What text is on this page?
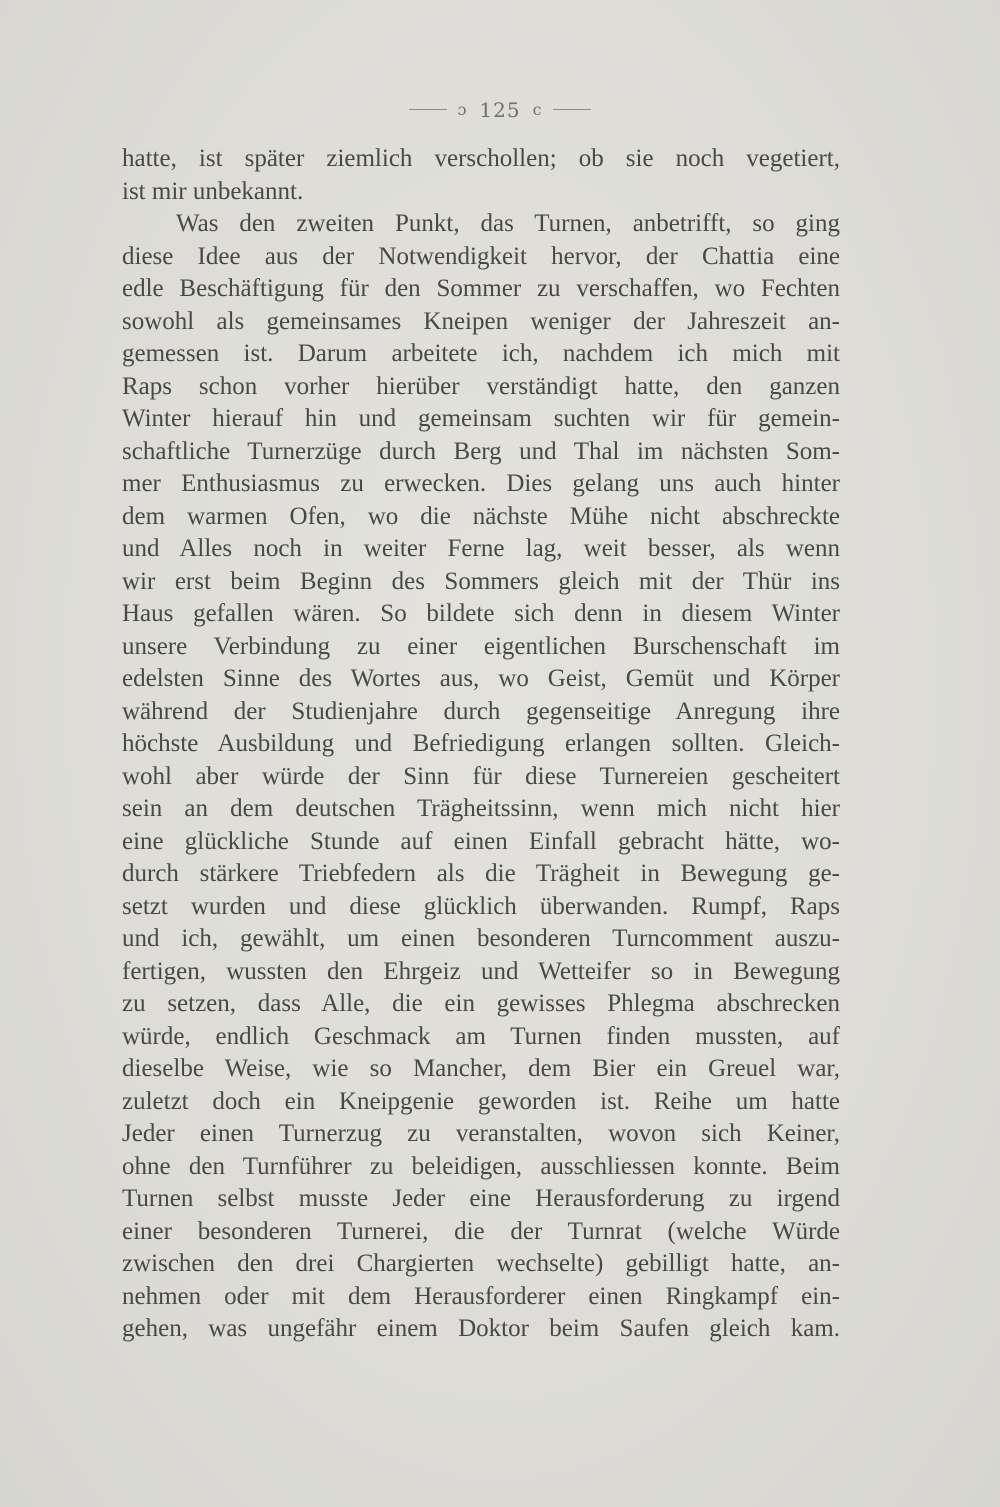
ɔ 125 c
hatte, ist später ziemlich verschollen; ob sie noch vegetiert,
ist mir unbekannt.
Was den zweiten Punkt, das Turnen, anbetrifft, so ging
diese Idee aus der Notwendigkeit hervor, der Chattia eine
edle Beschäftigung für den Sommer zu verschaffen, wo Fechten
sowohl als gemeinsames Kneipen weniger der Jahreszeit an-
gemessen ist. Darum arbeitete ich, nachdem ich mich mit
Raps schon vorher hierüber verständigt hatte, den ganzen
Winter hierauf hin und gemeinsam suchten wir für gemein-
schaftliche Turnerzüge durch Berg und Thal im nächsten Som-
mer Enthusiasmus zu erwecken. Dies gelang uns auch hinter
dem warmen Ofen, wo die nächste Mühe nicht abschreckte
und Alles noch in weiter Ferne lag, weit besser, als wenn
wir erst beim Beginn des Sommers gleich mit der Thür ins
Haus gefallen wären. So bildete sich denn in diesem Winter
unsere Verbindung zu einer eigentlichen Burschenschaft im
edelsten Sinne des Wortes aus, wo Geist, Gemüt und Körper
während der Studienjahre durch gegenseitige Anregung ihre
höchste Ausbildung und Befriedigung erlangen sollten. Gleich-
wohl aber würde der Sinn für diese Turnereien gescheitert
sein an dem deutschen Trägheitssinn, wenn mich nicht hier
eine glückliche Stunde auf einen Einfall gebracht hätte, wo-
durch stärkere Triebfedern als die Trägheit in Bewegung ge-
setzt wurden und diese glücklich überwanden. Rumpf, Raps
und ich, gewählt, um einen besonderen Turncomment auszu-
fertigen, wussten den Ehrgeiz und Wetteifer so in Bewegung
zu setzen, dass Alle, die ein gewisses Phlegma abschrecken
würde, endlich Geschmack am Turnen finden mussten, auf
dieselbe Weise, wie so Mancher, dem Bier ein Greuel war,
zuletzt doch ein Kneipgenie geworden ist. Reihe um hatte
Jeder einen Turnerzug zu veranstalten, wovon sich Keiner,
ohne den Turnführer zu beleidigen, ausschliessen konnte. Beim
Turnen selbst musste Jeder eine Herausforderung zu irgend
einer besonderen Turnerei, die der Turnrat (welche Würde
zwischen den drei Chargierten wechselte) gebilligt hatte, an-
nehmen oder mit dem Herausforderer einen Ringkampf ein-
gehen, was ungefähr einem Doktor beim Saufen gleich kam.
